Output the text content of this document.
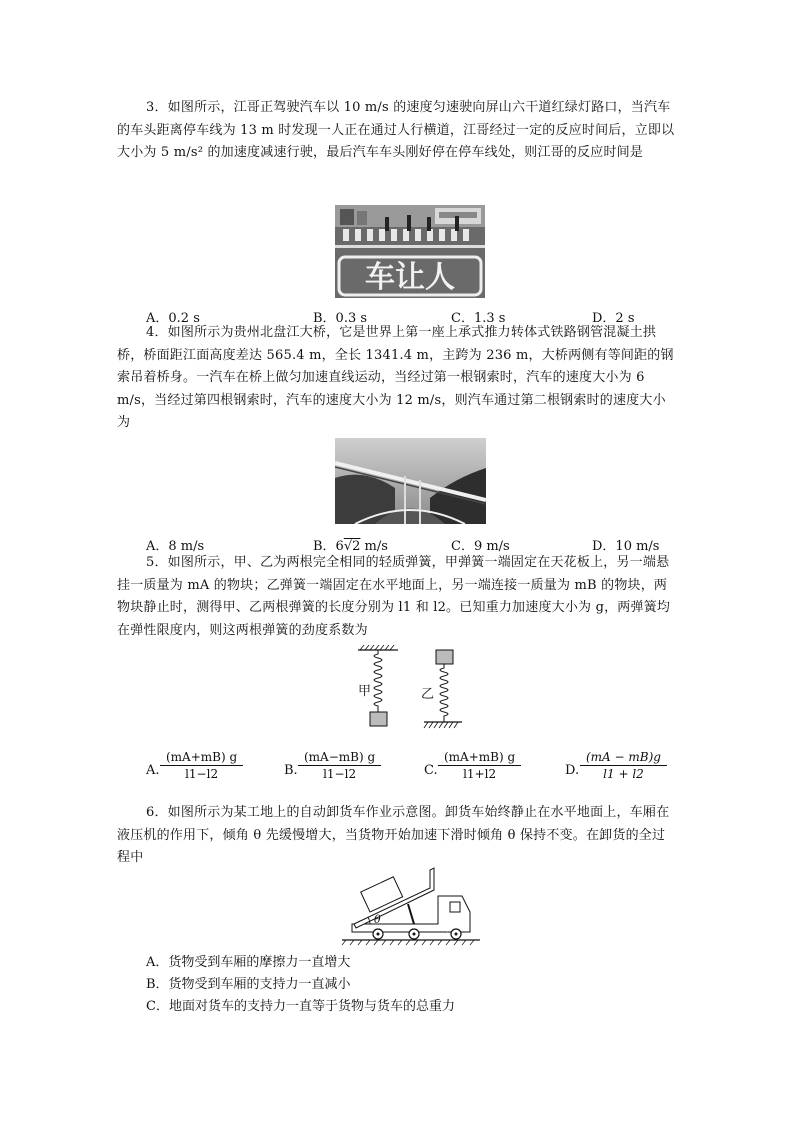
3．如图所示，江哥正驾驶汽车以 10 m/s 的速度匀速驶向屏山六干道红绿灯路口，当汽车的车头距离停车线为 13 m 时发现一人正在通过人行横道，江哥经过一定的反应时间后，立即以大小为 5 m/s² 的加速度减速行驶，最后汽车车头刚好停在停车线处，则江哥的反应时间是
车让人
A．0.2 s	B．0.3 s	C．1.3 s	D．2 s
4．如图所示为贵州北盘江大桥，它是世界上第一座上承式推力转体式铁路钢管混凝土拱桥，桥面距江面高度差达 565.4 m，全长 1341.4 m，主跨为 236 m，大桥两侧有等间距的钢索吊着桥身。一汽车在桥上做匀加速直线运动，当经过第一根钢索时，汽车的速度大小为 6 m/s，当经过第四根钢索时，汽车的速度大小为 12 m/s，则汽车通过第二根钢索时的速度大小为
A．8 m/s	B．6√2 m/s	C．9 m/s	D．10 m/s
5．如图所示，甲、乙为两根完全相同的轻质弹簧，甲弹簧一端固定在天花板上，另一端悬挂一质量为 mA 的物块；乙弹簧一端固定在水平地面上，另一端连接一质量为 mB 的物块，两物块静止时，测得甲、乙两根弹簧的长度分别为 l1 和 l2。已知重力加速度大小为 g，两弹簧均在弹性限度内，则这两根弹簧的劲度系数为
甲	乙
A. $\frac{(mA+mB) g}{l1-l2}$	B. $\frac{(mA-mB) g}{l1-l2}$	C. $\frac{(mA+mB) g}{l1+l2}$	D. $\frac{(mA - mB)g}{l1 + l2}$
6．如图所示为某工地上的自动卸货车作业示意图。卸货车始终静止在水平地面上，车厢在液压机的作用下，倾角 θ 先缓慢增大，当货物开始加速下滑时倾角 θ 保持不变。在卸货的全过程中
θ
A．货物受到车厢的摩擦力一直增大
B．货物受到车厢的支持力一直减小
C．地面对货车的支持力一直等于货物与货车的总重力
